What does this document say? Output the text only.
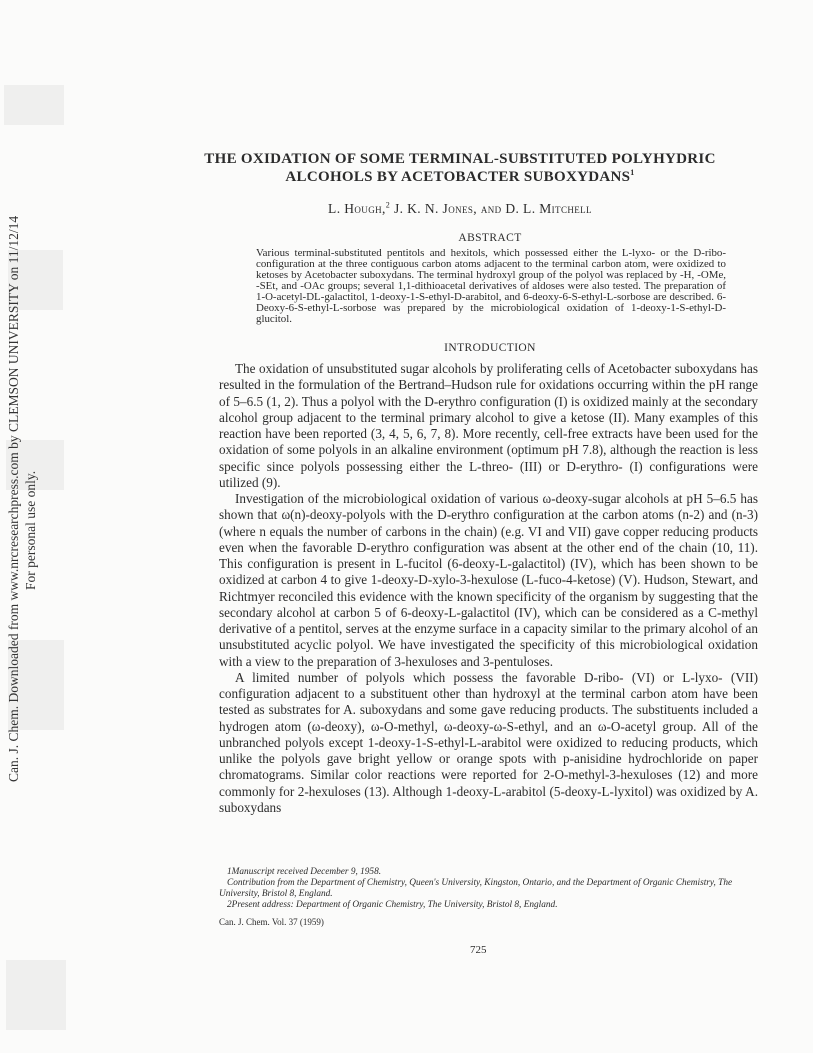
Can. J. Chem. Downloaded from www.nrcresearchpress.com by CLEMSON UNIVERSITY on 11/12/14 For personal use only.
THE OXIDATION OF SOME TERMINAL-SUBSTITUTED POLYHYDRIC
ALCOHOLS BY ACETOBACTER SUBOXYDANS$^1$
L. Hough,$^2$ J. K. N. Jones, and D. L. Mitchell
ABSTRACT

Various terminal-substituted pentitols and hexitols, which possessed either the L-lyxo- or the D-ribo-configuration at the three contiguous carbon atoms adjacent to the terminal carbon atom, were oxidized to ketoses by Acetobacter suboxydans. The terminal hydroxyl group of the polyol was replaced by -H, -OMe, -SEt, and -OAc groups; several 1,1-dithioacetal derivatives of aldoses were also tested. The preparation of 1-O-acetyl-DL-galactitol, 1-deoxy-1-S-ethyl-D-arabitol, and 6-deoxy-6-S-ethyl-L-sorbose are described. 6-Deoxy-6-S-ethyl-L-sorbose was prepared by the microbiological oxidation of 1-deoxy-1-S-ethyl-D-glucitol.

INTRODUCTION

The oxidation of unsubstituted sugar alcohols by proliferating cells of Acetobacter suboxydans has resulted in the formulation of the Bertrand–Hudson rule for oxidations occurring within the pH range of 5–6.5 (1, 2). Thus a polyol with the D-erythro configuration (I) is oxidized mainly at the secondary alcohol group adjacent to the terminal primary alcohol to give a ketose (II). Many examples of this reaction have been reported (3, 4, 5, 6, 7, 8). More recently, cell-free extracts have been used for the oxidation of some polyols in an alkaline environment (optimum pH 7.8), although the reaction is less specific since polyols possessing either the L-threo- (III) or D-erythro- (I) configurations were utilized (9).

Investigation of the microbiological oxidation of various ω-deoxy-sugar alcohols at pH 5–6.5 has shown that ω(n)-deoxy-polyols with the D-erythro configuration at the carbon atoms (n-2) and (n-3) (where n equals the number of carbons in the chain) (e.g. VI and VII) gave copper reducing products even when the favorable D-erythro configuration was absent at the other end of the chain (10, 11). This configuration is present in L-fucitol (6-deoxy-L-galactitol) (IV), which has been shown to be oxidized at carbon 4 to give 1-deoxy-D-xylo-3-hexulose (L-fuco-4-ketose) (V). Hudson, Stewart, and Richtmyer reconciled this evidence with the known specificity of the organism by suggesting that the secondary alcohol at carbon 5 of 6-deoxy-L-galactitol (IV), which can be considered as a C-methyl derivative of a pentitol, serves at the enzyme surface in a capacity similar to the primary alcohol of an unsubstituted acyclic polyol. We have investigated the specificity of this microbiological oxidation with a view to the preparation of 3-hexuloses and 3-pentuloses.

A limited number of polyols which possess the favorable D-ribo- (VI) or L-lyxo- (VII) configuration adjacent to a substituent other than hydroxyl at the terminal carbon atom have been tested as substrates for A. suboxydans and some gave reducing products. The substituents included a hydrogen atom (ω-deoxy), ω-O-methyl, ω-deoxy-ω-S-ethyl, and an ω-O-acetyl group. All of the unbranched polyols except 1-deoxy-1-S-ethyl-L-arabitol were oxidized to reducing products, which unlike the polyols gave bright yellow or orange spots with p-anisidine hydrochloride on paper chromatograms. Similar color reactions were reported for 2-O-methyl-3-hexuloses (12) and more commonly for 2-hexuloses (13). Although 1-deoxy-L-arabitol (5-deoxy-L-lyxitol) was oxidized by A. suboxydans

1Manuscript received December 9, 1958.
Contribution from the Department of Chemistry, Queen's University, Kingston, Ontario, and the Department of Organic Chemistry, The University, Bristol 8, England.
2Present address: Department of Organic Chemistry, The University, Bristol 8, England.
Can. J. Chem. Vol. 37 (1959)
725
